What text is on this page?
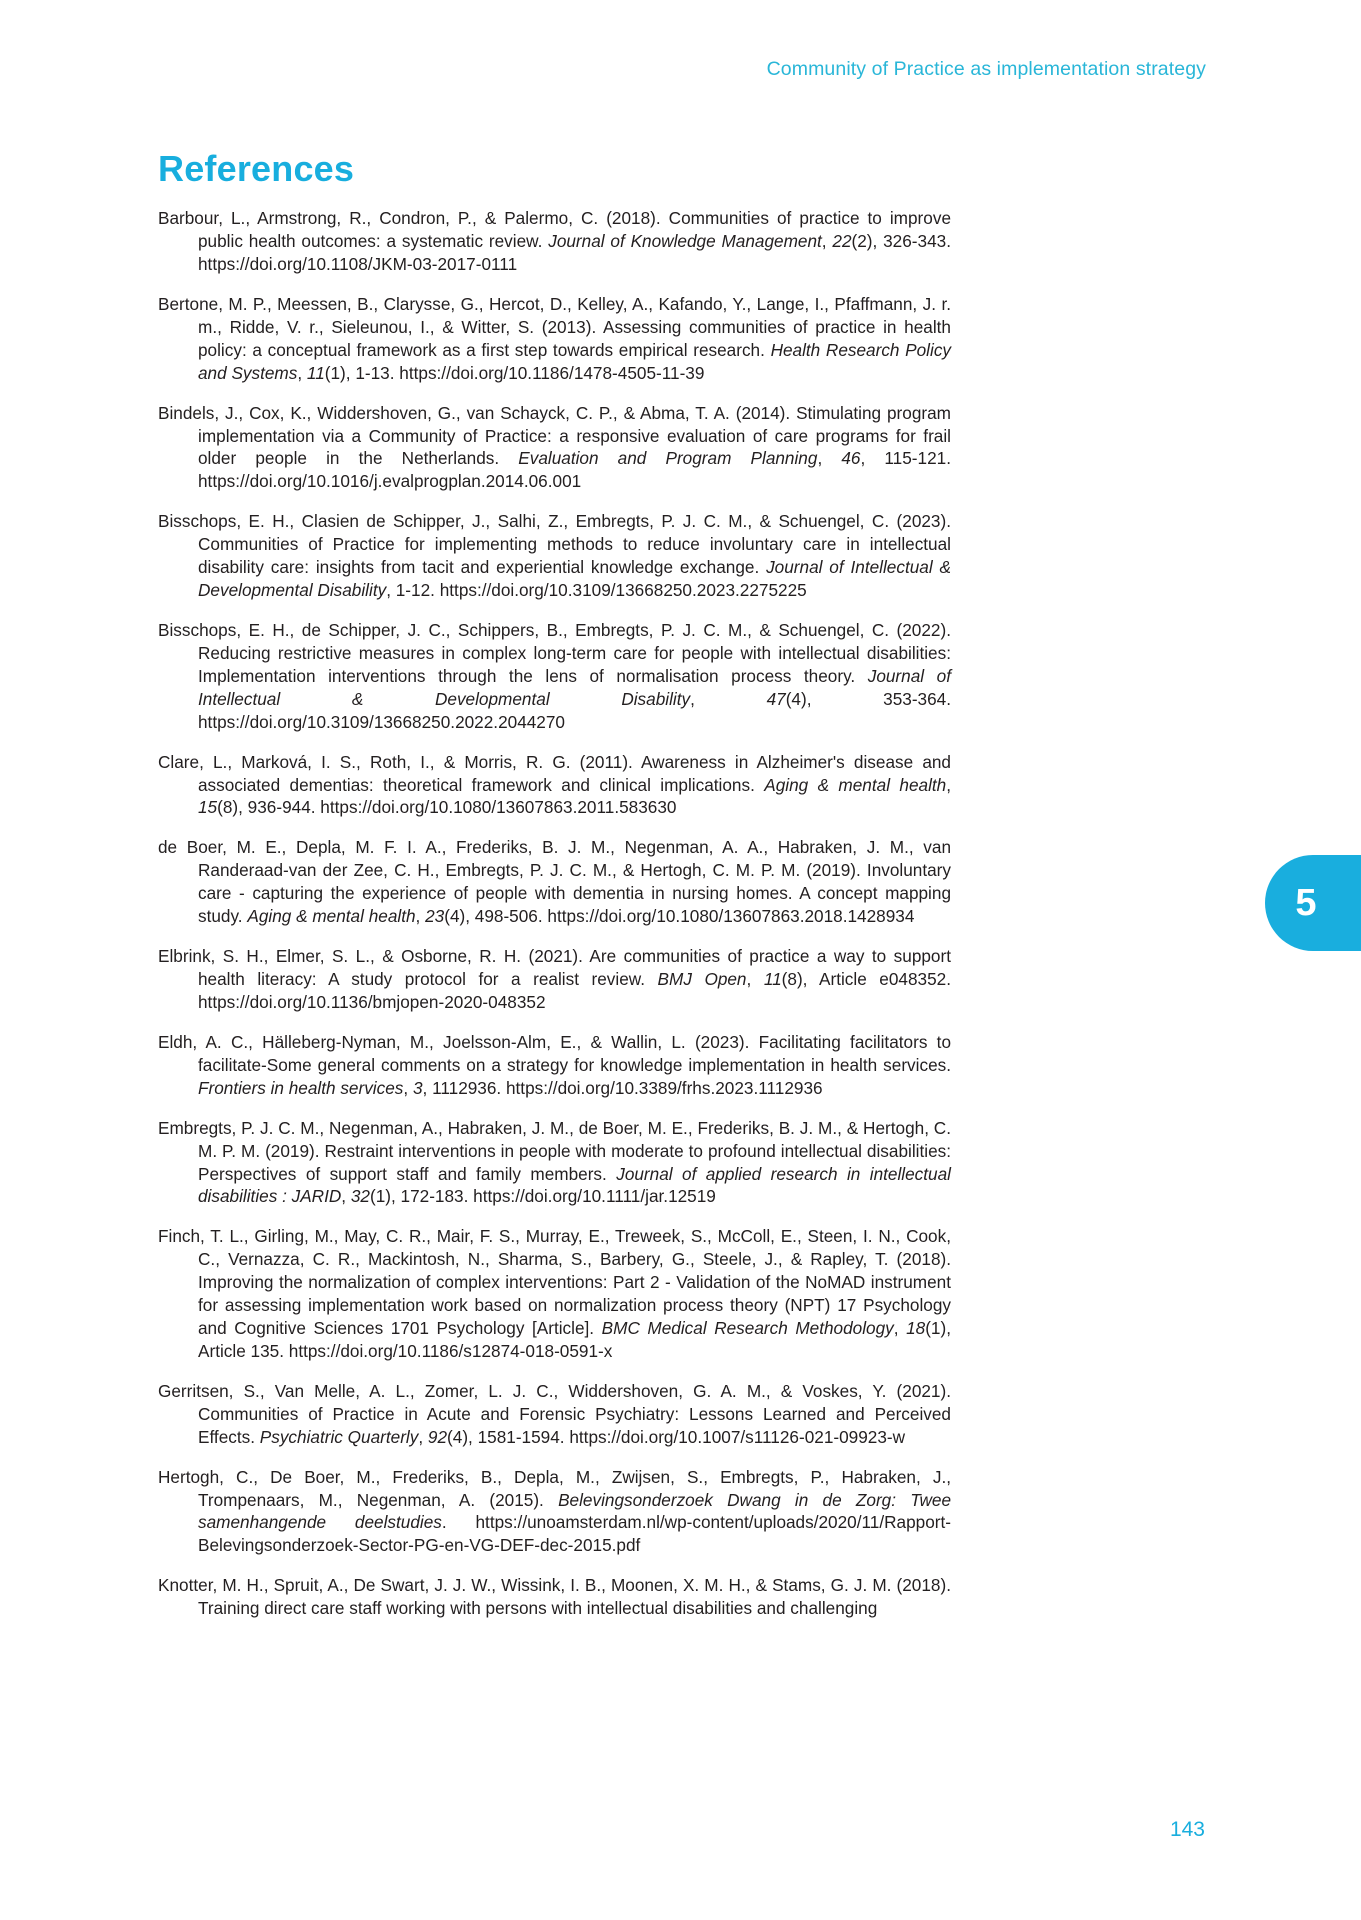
Community of Practice as implementation strategy
References

Barbour, L., Armstrong, R., Condron, P., & Palermo, C. (2018). Communities of practice to improve public health outcomes: a systematic review. Journal of Knowledge Management, 22(2), 326-343. https://doi.org/10.1108/JKM-03-2017-0111

Bertone, M. P., Meessen, B., Clarysse, G., Hercot, D., Kelley, A., Kafando, Y., Lange, I., Pfaffmann, J. r. m., Ridde, V. r., Sieleunou, I., & Witter, S. (2013). Assessing communities of practice in health policy: a conceptual framework as a first step towards empirical research. Health Research Policy and Systems, 11(1), 1-13. https://doi.org/10.1186/1478-4505-11-39

Bindels, J., Cox, K., Widdershoven, G., van Schayck, C. P., & Abma, T. A. (2014). Stimulating program implementation via a Community of Practice: a responsive evaluation of care programs for frail older people in the Netherlands. Evaluation and Program Planning, 46, 115-121. https://doi.org/10.1016/j.evalprogplan.2014.06.001

Bisschops, E. H., Clasien de Schipper, J., Salhi, Z., Embregts, P. J. C. M., & Schuengel, C. (2023). Communities of Practice for implementing methods to reduce involuntary care in intellectual disability care: insights from tacit and experiential knowledge exchange. Journal of Intellectual & Developmental Disability, 1-12. https://doi.org/10.3109/13668250.2023.2275225

Bisschops, E. H., de Schipper, J. C., Schippers, B., Embregts, P. J. C. M., & Schuengel, C. (2022). Reducing restrictive measures in complex long-term care for people with intellectual disabilities: Implementation interventions through the lens of normalisation process theory. Journal of Intellectual & Developmental Disability, 47(4), 353-364. https://doi.org/10.3109/13668250.2022.2044270

Clare, L., Marková, I. S., Roth, I., & Morris, R. G. (2011). Awareness in Alzheimer's disease and associated dementias: theoretical framework and clinical implications. Aging & mental health, 15(8), 936-944. https://doi.org/10.1080/13607863.2011.583630

de Boer, M. E., Depla, M. F. I. A., Frederiks, B. J. M., Negenman, A. A., Habraken, J. M., van Randeraad-van der Zee, C. H., Embregts, P. J. C. M., & Hertogh, C. M. P. M. (2019). Involuntary care - capturing the experience of people with dementia in nursing homes. A concept mapping study. Aging & mental health, 23(4), 498-506. https://doi.org/10.1080/13607863.2018.1428934

Elbrink, S. H., Elmer, S. L., & Osborne, R. H. (2021). Are communities of practice a way to support health literacy: A study protocol for a realist review. BMJ Open, 11(8), Article e048352. https://doi.org/10.1136/bmjopen-2020-048352

Eldh, A. C., Hälleberg-Nyman, M., Joelsson-Alm, E., & Wallin, L. (2023). Facilitating facilitators to facilitate-Some general comments on a strategy for knowledge implementation in health services. Frontiers in health services, 3, 1112936. https://doi.org/10.3389/frhs.2023.1112936

Embregts, P. J. C. M., Negenman, A., Habraken, J. M., de Boer, M. E., Frederiks, B. J. M., & Hertogh, C. M. P. M. (2019). Restraint interventions in people with moderate to profound intellectual disabilities: Perspectives of support staff and family members. Journal of applied research in intellectual disabilities : JARID, 32(1), 172-183. https://doi.org/10.1111/jar.12519

Finch, T. L., Girling, M., May, C. R., Mair, F. S., Murray, E., Treweek, S., McColl, E., Steen, I. N., Cook, C., Vernazza, C. R., Mackintosh, N., Sharma, S., Barbery, G., Steele, J., & Rapley, T. (2018). Improving the normalization of complex interventions: Part 2 - Validation of the NoMAD instrument for assessing implementation work based on normalization process theory (NPT) 17 Psychology and Cognitive Sciences 1701 Psychology [Article]. BMC Medical Research Methodology, 18(1), Article 135. https://doi.org/10.1186/s12874-018-0591-x

Gerritsen, S., Van Melle, A. L., Zomer, L. J. C., Widdershoven, G. A. M., & Voskes, Y. (2021). Communities of Practice in Acute and Forensic Psychiatry: Lessons Learned and Perceived Effects. Psychiatric Quarterly, 92(4), 1581-1594. https://doi.org/10.1007/s11126-021-09923-w

Hertogh, C., De Boer, M., Frederiks, B., Depla, M., Zwijsen, S., Embregts, P., Habraken, J., Trompenaars, M., Negenman, A. (2015). Belevingsonderzoek Dwang in de Zorg: Twee samenhangende deelstudies. https://unoamsterdam.nl/wp-content/uploads/2020/11/Rapport-Belevingsonderzoek-Sector-PG-en-VG-DEF-dec-2015.pdf

Knotter, M. H., Spruit, A., De Swart, J. J. W., Wissink, I. B., Moonen, X. M. H., & Stams, G. J. M. (2018). Training direct care staff working with persons with intellectual disabilities and challenging

5
143
